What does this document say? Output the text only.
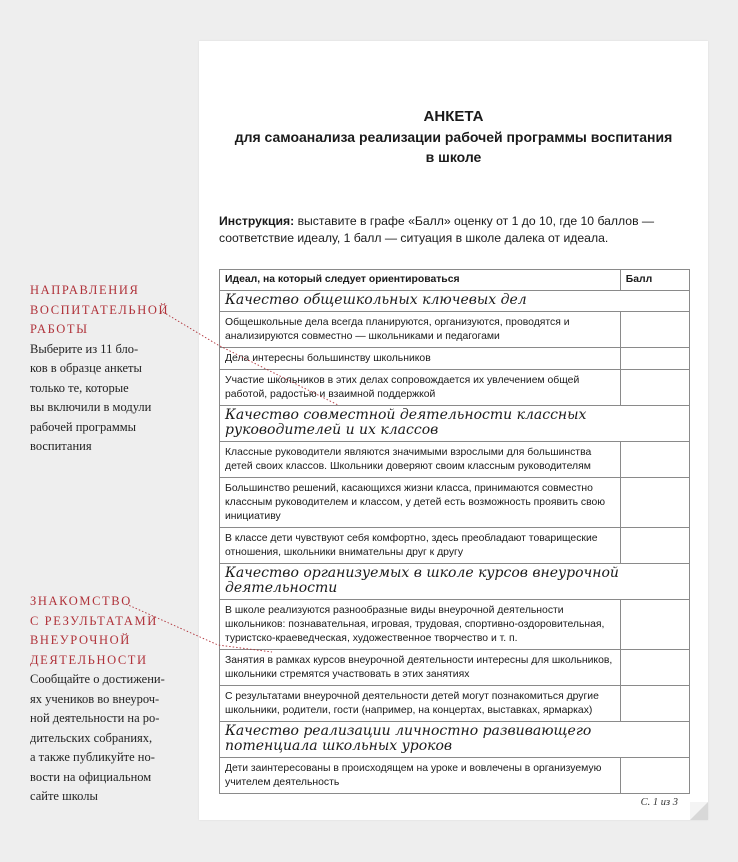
АНКЕТА
для самоанализа реализации рабочей программы воспитания
в школе
Инструкция: выставите в графе «Балл» оценку от 1 до 10, где 10 баллов — соответствие идеалу, 1 балл — ситуация в школе далека от идеала.
Идеал, на который следует ориентироваться	Балл
Качество общешкольных ключевых дел	
Общешкольные дела всегда планируются, организуются, проводятся и анализируются совместно — школьниками и педагогами	
Дела интересны большинству школьников	
Участие школьников в этих делах сопровождается их увлечением общей работой, радостью и взаимной поддержкой	
Качество совместной деятельности классных руководителей и их классов	
Классные руководители являются значимыми взрослыми для большинства детей своих классов. Школьники доверяют своим классным руководителям	
Большинство решений, касающихся жизни класса, принимаются совместно классным руководителем и классом, у детей есть возможность проявить свою инициативу	
В классе дети чувствуют себя комфортно, здесь преобладают товарищеские отношения, школьники внимательны друг к другу	
Качество организуемых в школе курсов внеурочной деятельности	
В школе реализуются разнообразные виды внеурочной деятельности школьников: познавательная, игровая, трудовая, спортивно-оздоровительная, туристско-краеведческая, художественное творчество и т. п.	
Занятия в рамках курсов внеурочной деятельности интересны для школьников, школьники стремятся участвовать в этих занятиях	
С результатами внеурочной деятельности детей могут познакомиться другие школьники, родители, гости (например, на концертах, выставках, ярмарках)	
Качество реализации личностно развивающего потенциала школьных уроков	
Дети заинтересованы в происходящем на уроке и вовлечены в организуемую учителем деятельность	
С. 1 из 3
НАПРАВЛЕНИЯ
ВОСПИТАТЕЛЬНОЙ
РАБОТЫ
Выберите из 11 бло-
ков в образце анкеты
только те, которые
вы включили в модули
рабочей программы
воспитания
ЗНАКОМСТВО
С РЕЗУЛЬТАТАМИ
ВНЕУРОЧНОЙ
ДЕЯТЕЛЬНОСТИ
Сообщайте о достижени-
ях учеников во внеуроч-
ной деятельности на ро-
дительских собраниях,
а также публикуйте но-
вости на официальном
сайте школы
